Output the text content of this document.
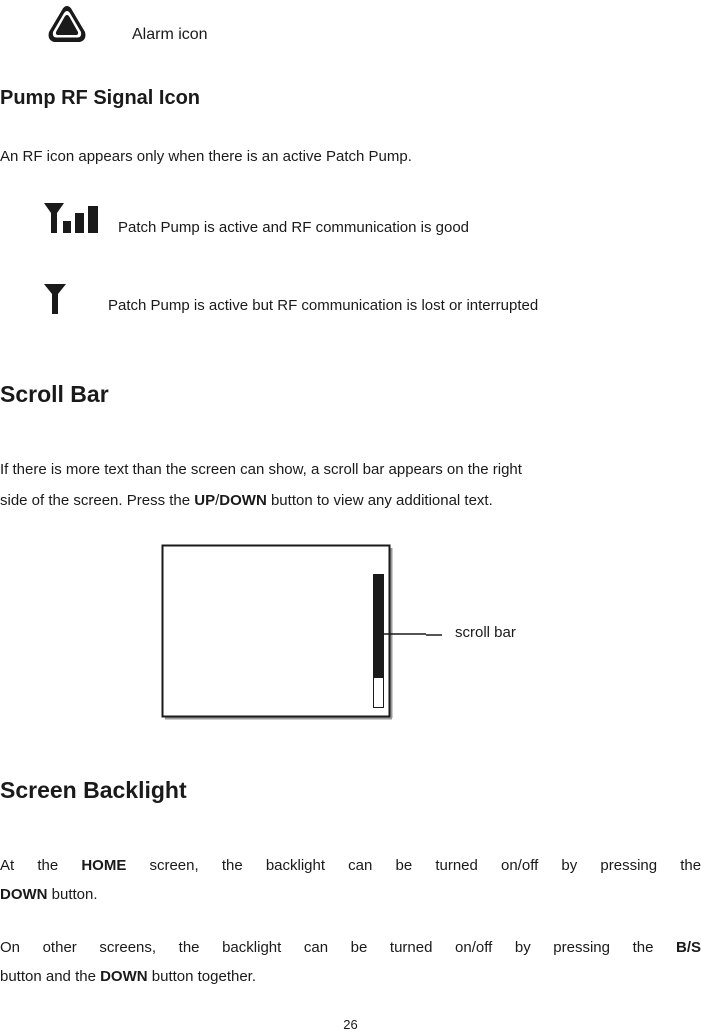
Alarm icon
Pump RF Signal Icon
An RF icon appears only when there is an active Patch Pump.
Patch Pump is active and RF communication is good
Patch Pump is active but RF communication is lost or interrupted
Scroll Bar
If there is more text than the screen can show, a scroll bar appears on the right
side of the screen. Press the UP/DOWN button to view any additional text.
scroll bar
Screen Backlight
At the HOME screen, the backlight can be turned on/off by pressing the
DOWN button.
On other screens, the backlight can be turned on/off by pressing the B/S
button and the DOWN button together.
26
